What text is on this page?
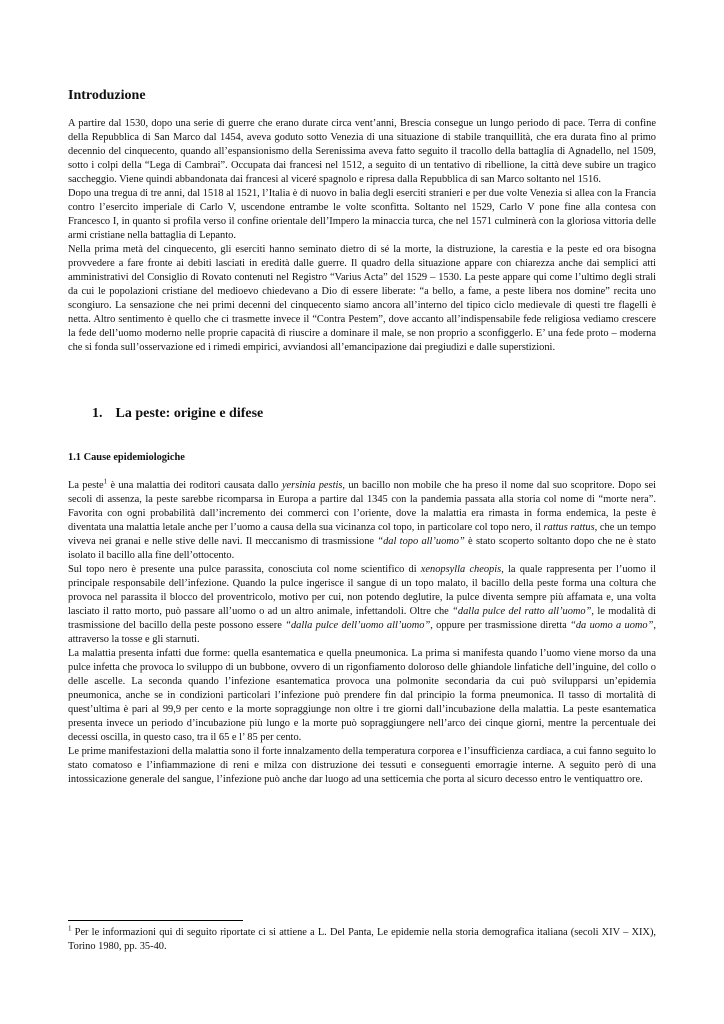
Introduzione

A partire dal 1530, dopo una serie di guerre che erano durate circa vent’anni, Brescia consegue un lungo periodo di pace. Terra di confine della Repubblica di San Marco dal 1454, aveva goduto sotto Venezia di una situazione di stabile tranquillità, che era durata fino al primo decennio del cinquecento, quando all’espansionismo della Serenissima aveva fatto seguito il tracollo della battaglia di Agnadello, nel 1509, sotto i colpi della “Lega di Cambrai”. Occupata dai francesi nel 1512, a seguito di un tentativo di ribellione, la città deve subire un tragico saccheggio. Viene quindi abbandonata dai francesi al viceré spagnolo e ripresa dalla Repubblica di san Marco soltanto nel 1516.

Dopo una tregua di tre anni, dal 1518 al 1521, l’Italia è di nuovo in balia degli eserciti stranieri e per due volte Venezia si allea con la Francia contro l’esercito imperiale di Carlo V, uscendone entrambe le volte sconfitta. Soltanto nel 1529, Carlo V pone fine alla contesa con Francesco I, in quanto si profila verso il confine orientale dell’Impero la minaccia turca, che nel 1571 culminerà con la gloriosa vittoria delle armi cristiane nella battaglia di Lepanto.

Nella prima metà del cinquecento, gli eserciti hanno seminato dietro di sé la morte, la distruzione, la carestia e la peste ed ora bisogna provvedere a fare fronte ai debiti lasciati in eredità dalle guerre. Il quadro della situazione appare con chiarezza anche dai semplici atti amministrativi del Consiglio di Rovato contenuti nel Registro “Varius Acta” del 1529 – 1530. La peste appare qui come l’ultimo degli strali da cui le popolazioni cristiane del medioevo chiedevano a Dio di essere liberate: “a bello, a fame, a peste libera nos domine” recita uno scongiuro. La sensazione che nei primi decenni del cinquecento siamo ancora all’interno del tipico ciclo medievale di questi tre flagelli è netta. Altro sentimento è quello che ci trasmette invece il “Contra Pestem”, dove accanto all’indispensabile fede religiosa vediamo crescere la fede dell’uomo moderno nelle proprie capacità di riuscire a dominare il male, se non proprio a sconfiggerlo. E’ una fede proto – moderna che si fonda sull’osservazione ed i rimedi empirici, avviandosi all’emancipazione dai pregiudizi e dalle superstizioni.

1. La peste: origine e difese
1.1 Cause epidemiologiche

La peste$^1$ è una malattia dei roditori causata dallo yersinia pestis, un bacillo non mobile che ha preso il nome dal suo scopritore. Dopo sei secoli di assenza, la peste sarebbe ricomparsa in Europa a partire dal 1345 con la pandemia passata alla storia col nome di “morte nera”. Favorita con ogni probabilità dall’incremento dei commerci con l’oriente, dove la malattia era rimasta in forma endemica, la peste è diventata una malattia letale anche per l’uomo a causa della sua vicinanza col topo, in particolare col topo nero, il rattus rattus, che un tempo viveva nei granai e nelle stive delle navi. Il meccanismo di trasmissione “dal topo all’uomo” è stato scoperto soltanto dopo che ne è stato isolato il bacillo alla fine dell’ottocento.

Sul topo nero è presente una pulce parassita, conosciuta col nome scientifico di xenopsylla cheopis, la quale rappresenta per l’uomo il principale responsabile dell’infezione. Quando la pulce ingerisce il sangue di un topo malato, il bacillo della peste forma una coltura che provoca nel parassita il blocco del proventricolo, motivo per cui, non potendo deglutire, la pulce diventa sempre più affamata e, una volta lasciato il ratto morto, può passare all’uomo o ad un altro animale, infettandoli. Oltre che “dalla pulce del ratto all’uomo”, le modalità di trasmissione del bacillo della peste possono essere “dalla pulce dell’uomo all’uomo”, oppure per trasmissione diretta “da uomo a uomo”, attraverso la tosse e gli starnuti.

La malattia presenta infatti due forme: quella esantematica e quella pneumonica. La prima si manifesta quando l’uomo viene morso da una pulce infetta che provoca lo sviluppo di un bubbone, ovvero di un rigonfiamento doloroso delle ghiandole linfatiche dell’inguine, del collo o delle ascelle. La seconda quando l’infezione esantematica provoca una polmonite secondaria da cui può svilupparsi un’epidemia pneumonica, anche se in condizioni particolari l’infezione può prendere fin dal principio la forma pneumonica. Il tasso di mortalità di quest’ultima è pari al 99,9 per cento e la morte sopraggiunge non oltre i tre giorni dall’incubazione della malattia. La peste esantematica presenta invece un periodo d’incubazione più lungo e la morte può sopraggiungere nell’arco dei cinque giorni, mentre la percentuale dei decessi oscilla, in questo caso, tra il 65 e l’ 85 per cento.

Le prime manifestazioni della malattia sono il forte innalzamento della temperatura corporea e l’insufficienza cardiaca, a cui fanno seguito lo stato comatoso e l’infiammazione di reni e milza con distruzione dei tessuti e conseguenti emorragie interne. A seguito però di una intossicazione generale del sangue, l’infezione può anche dar luogo ad una setticemia che porta al sicuro decesso entro le ventiquattro ore.

$^1$ Per le informazioni qui di seguito riportate ci si attiene a L. Del Panta, Le epidemie nella storia demografica italiana (secoli XIV – XIX), Torino 1980, pp. 35-40.
